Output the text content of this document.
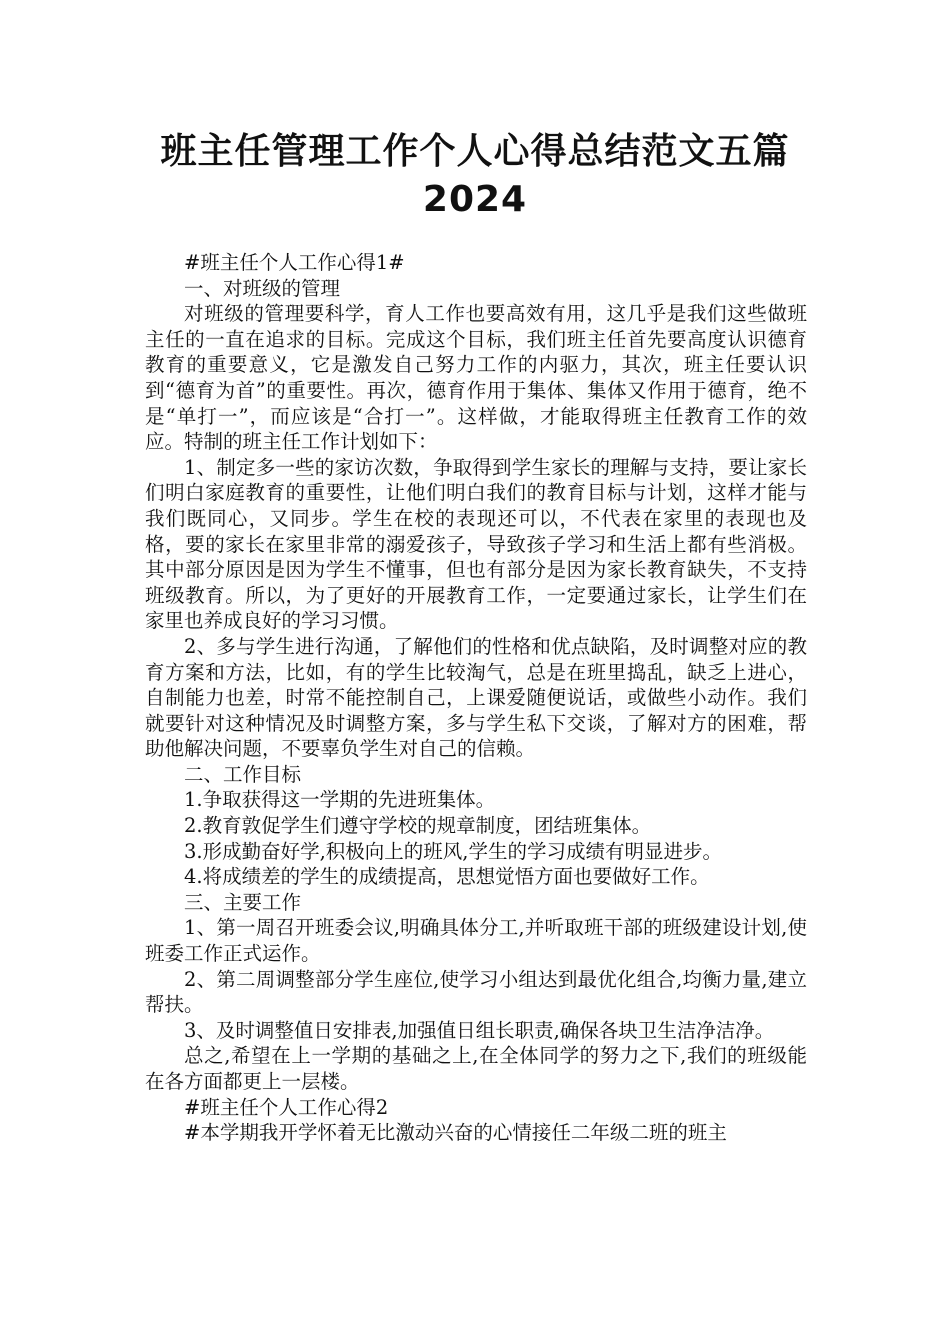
班主任管理工作个人心得总结范文五篇
2024

#班主任个人工作心得1#

一、对班级的管理

对班级的管理要科学，育人工作也要高效有用，这几乎是我们这些做班主任的一直在追求的目标。完成这个目标，我们班主任首先要高度认识德育教育的重要意义，它是激发自己努力工作的内驱力，其次，班主任要认识到“德育为首”的重要性。再次，德育作用于集体、集体又作用于德育，绝不是“单打一”，而应该是“合打一”。这样做，才能取得班主任教育工作的效应。特制的班主任工作计划如下：

1、制定多一些的家访次数，争取得到学生家长的理解与支持，要让家长们明白家庭教育的重要性，让他们明白我们的教育目标与计划，这样才能与我们既同心，又同步。学生在校的表现还可以，不代表在家里的表现也及格，要的家长在家里非常的溺爱孩子，导致孩子学习和生活上都有些消极。其中部分原因是因为学生不懂事，但也有部分是因为家长教育缺失，不支持班级教育。所以，为了更好的开展教育工作，一定要通过家长，让学生们在家里也养成良好的学习习惯。

2、多与学生进行沟通，了解他们的性格和优点缺陷，及时调整对应的教育方案和方法，比如，有的学生比较淘气，总是在班里捣乱，缺乏上进心，自制能力也差，时常不能控制自己，上课爱随便说话，或做些小动作。我们就要针对这种情况及时调整方案，多与学生私下交谈，了解对方的困难，帮助他解决问题，不要辜负学生对自己的信赖。

二、工作目标

1.争取获得这一学期的先进班集体。

2.教育敦促学生们遵守学校的规章制度，团结班集体。

3.形成勤奋好学,积极向上的班风,学生的学习成绩有明显进步。

4.将成绩差的学生的成绩提高，思想觉悟方面也要做好工作。

三、主要工作

1、第一周召开班委会议,明确具体分工,并听取班干部的班级建设计划,使班委工作正式运作。

2、第二周调整部分学生座位,使学习小组达到最优化组合,均衡力量,建立帮扶。

3、及时调整值日安排表,加强值日组长职责,确保各块卫生洁净洁净。

总之,希望在上一学期的基础之上,在全体同学的努力之下,我们的班级能在各方面都更上一层楼。

#班主任个人工作心得2

#本学期我开学怀着无比激动兴奋的心情接任二年级二班的班主
